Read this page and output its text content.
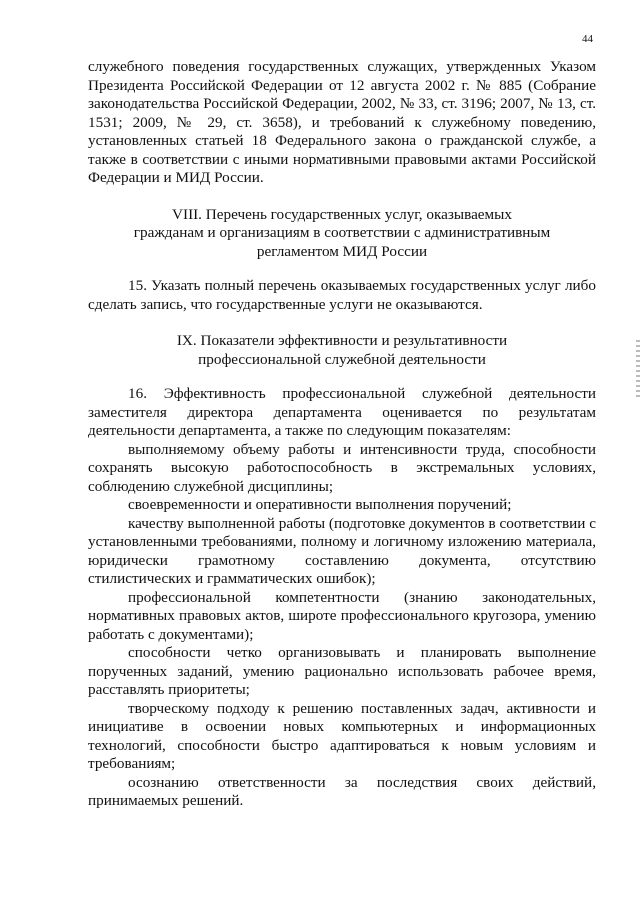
44

служебного поведения государственных служащих, утвержденных Указом Президента Российской Федерации от 12 августа 2002 г. № 885 (Собрание законодательства Российской Федерации, 2002, № 33, ст. 3196; 2007, № 13, ст. 1531; 2009, № 29, ст. 3658), и требований к служебному поведению, установленных статьей 18 Федерального закона о гражданской службе, а также в соответствии с иными нормативными правовыми актами Российской Федерации и МИД России.

VIII. Перечень государственных услуг, оказываемых

гражданам и организациям в соответствии с административным

регламентом МИД России

15. Указать полный перечень оказываемых государственных услуг либо сделать запись, что государственные услуги не оказываются.

IX. Показатели эффективности и результативности

профессиональной служебной деятельности

16. Эффективность профессиональной служебной деятельности заместителя директора департамента оценивается по результатам деятельности департамента, а также по следующим показателям:

выполняемому объему работы и интенсивности труда, способности сохранять высокую работоспособность в экстремальных условиях, соблюдению служебной дисциплины;

своевременности и оперативности выполнения поручений;

качеству выполненной работы (подготовке документов в соответствии с установленными требованиями, полному и логичному изложению материала, юридически грамотному составлению документа, отсутствию стилистических и грамматических ошибок);

профессиональной компетентности (знанию законодательных, нормативных правовых актов, широте профессионального кругозора, умению работать с документами);

способности четко организовывать и планировать выполнение порученных заданий, умению рационально использовать рабочее время, расставлять приоритеты;

творческому подходу к решению поставленных задач, активности и инициативе в освоении новых компьютерных и информационных технологий, способности быстро адаптироваться к новым условиям и требованиям;

осознанию ответственности за последствия своих действий, принимаемых решений.
